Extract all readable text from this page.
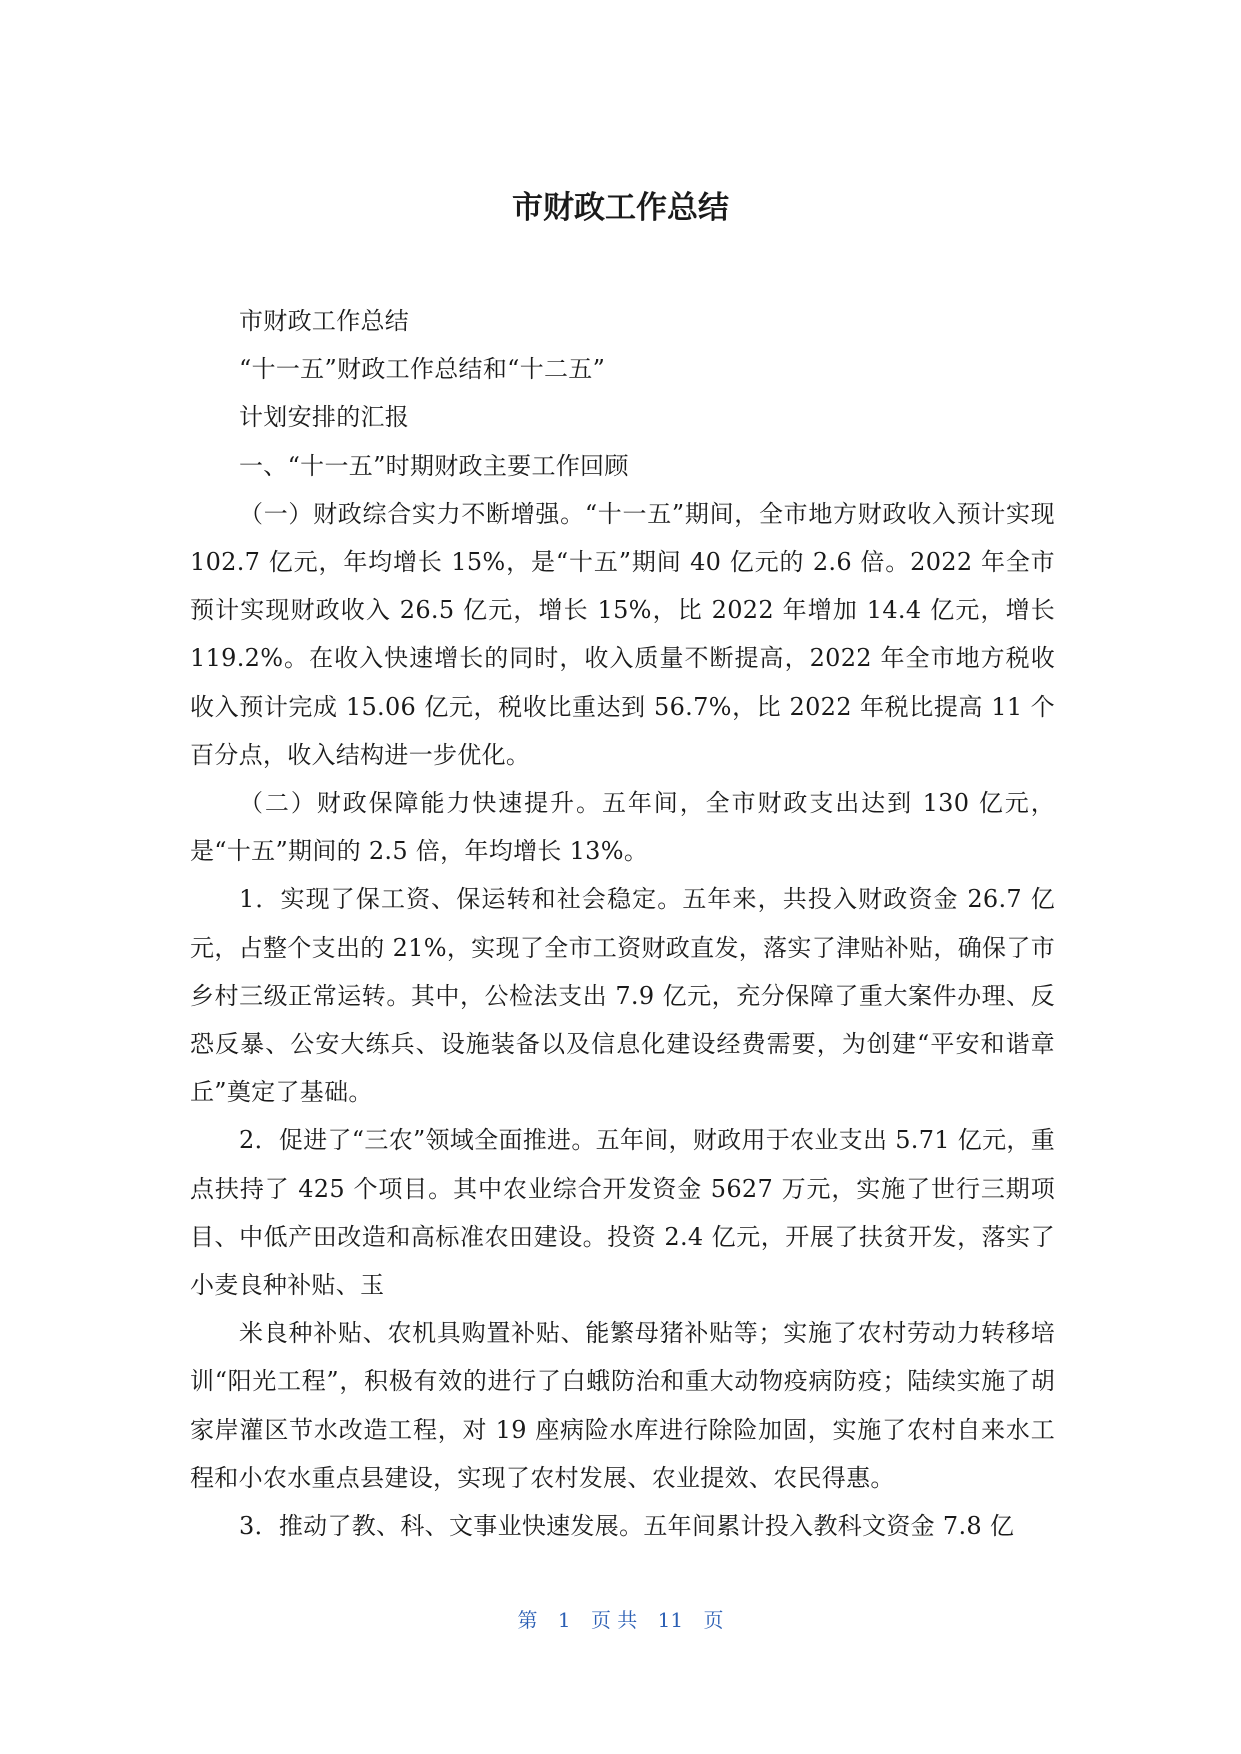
市财政工作总结

市财政工作总结

“十一五”财政工作总结和“十二五”

计划安排的汇报

一、“十一五”时期财政主要工作回顾

（一）财政综合实力不断增强。“十一五”期间，全市地方财政收入预计实现 102.7 亿元，年均增长 15%，是“十五”期间 40 亿元的 2.6 倍。2022 年全市预计实现财政收入 26.5 亿元，增长 15%，比 2022 年增加 14.4 亿元，增长 119.2%。在收入快速增长的同时，收入质量不断提高，2022 年全市地方税收收入预计完成 15.06 亿元，税收比重达到 56.7%，比 2022 年税比提高 11 个百分点，收入结构进一步优化。

（二）财政保障能力快速提升。五年间，全市财政支出达到 130 亿元，是“十五”期间的 2.5 倍，年均增长 13%。

1．实现了保工资、保运转和社会稳定。五年来，共投入财政资金 26.7 亿元，占整个支出的 21%，实现了全市工资财政直发，落实了津贴补贴，确保了市乡村三级正常运转。其中，公检法支出 7.9 亿元，充分保障了重大案件办理、反恐反暴、公安大练兵、设施装备以及信息化建设经费需要，为创建“平安和谐章丘”奠定了基础。

2．促进了“三农”领域全面推进。五年间，财政用于农业支出 5.71 亿元，重点扶持了 425 个项目。其中农业综合开发资金 5627 万元，实施了世行三期项目、中低产田改造和高标准农田建设。投资 2.4 亿元，开展了扶贫开发，落实了小麦良种补贴、玉

米良种补贴、农机具购置补贴、能繁母猪补贴等；实施了农村劳动力转移培训“阳光工程”，积极有效的进行了白蛾防治和重大动物疫病防疫；陆续实施了胡家岸灌区节水改造工程，对 19 座病险水库进行除险加固，实施了农村自来水工程和小农水重点县建设，实现了农村发展、农业提效、农民得惠。

3．推动了教、科、文事业快速发展。五年间累计投入教科文资金 7.8 亿

第 1 页 共 11 页
